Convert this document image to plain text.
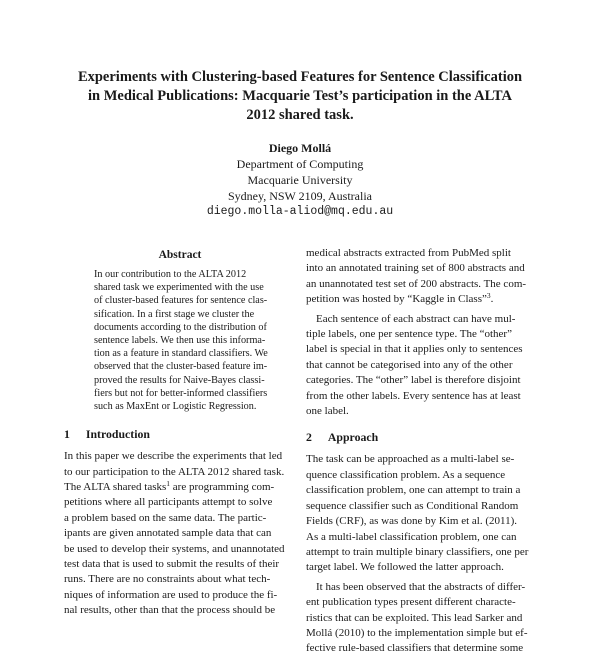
Experiments with Clustering-based Features for Sentence Classification
in Medical Publications: Macquarie Test’s participation in the ALTA
2012 shared task.
Diego Mollá
Department of Computing
Macquarie University
Sydney, NSW 2109, Australia
diego.molla-aliod@mq.edu.au
Abstract
In our contribution to the ALTA 2012
shared task we experimented with the use
of cluster-based features for sentence clas-
sification. In a first stage we cluster the
documents according to the distribution of
sentence labels. We then use this informa-
tion as a feature in standard classifiers. We
observed that the cluster-based feature im-
proved the results for Naive-Bayes classi-
fiers but not for better-informed classifiers
such as MaxEnt or Logistic Regression.
1 Introduction
In this paper we describe the experiments that led
to our participation to the ALTA 2012 shared task.
The ALTA shared tasks$^1$ are programming com-
petitions where all participants attempt to solve
a problem based on the same data. The partic-
ipants are given annotated sample data that can
be used to develop their systems, and unannotated
test data that is used to submit the results of their
runs. There are no constraints about what tech-
niques of information are used to produce the fi-
nal results, other than that the process should be
medical abstracts extracted from PubMed split
into an annotated training set of 800 abstracts and
an unannotated test set of 200 abstracts. The com-
petition was hosted by “Kaggle in Class”$^3$.
Each sentence of each abstract can have mul-
tiple labels, one per sentence type. The “other”
label is special in that it applies only to sentences
that cannot be categorised into any of the other
categories. The “other” label is therefore disjoint
from the other labels. Every sentence has at least
one label.
2 Approach
The task can be approached as a multi-label se-
quence classification problem. As a sequence
classification problem, one can attempt to train a
sequence classifier such as Conditional Random
Fields (CRF), as was done by Kim et al. (2011).
As a multi-label classification problem, one can
attempt to train multiple binary classifiers, one per
target label. We followed the latter approach.
It has been observed that the abstracts of differ-
ent publication types present different characte-
ristics that can be exploited. This lead Sarker and
Mollá (2010) to the implementation simple but ef-
fective rule-based classifiers that determine some
